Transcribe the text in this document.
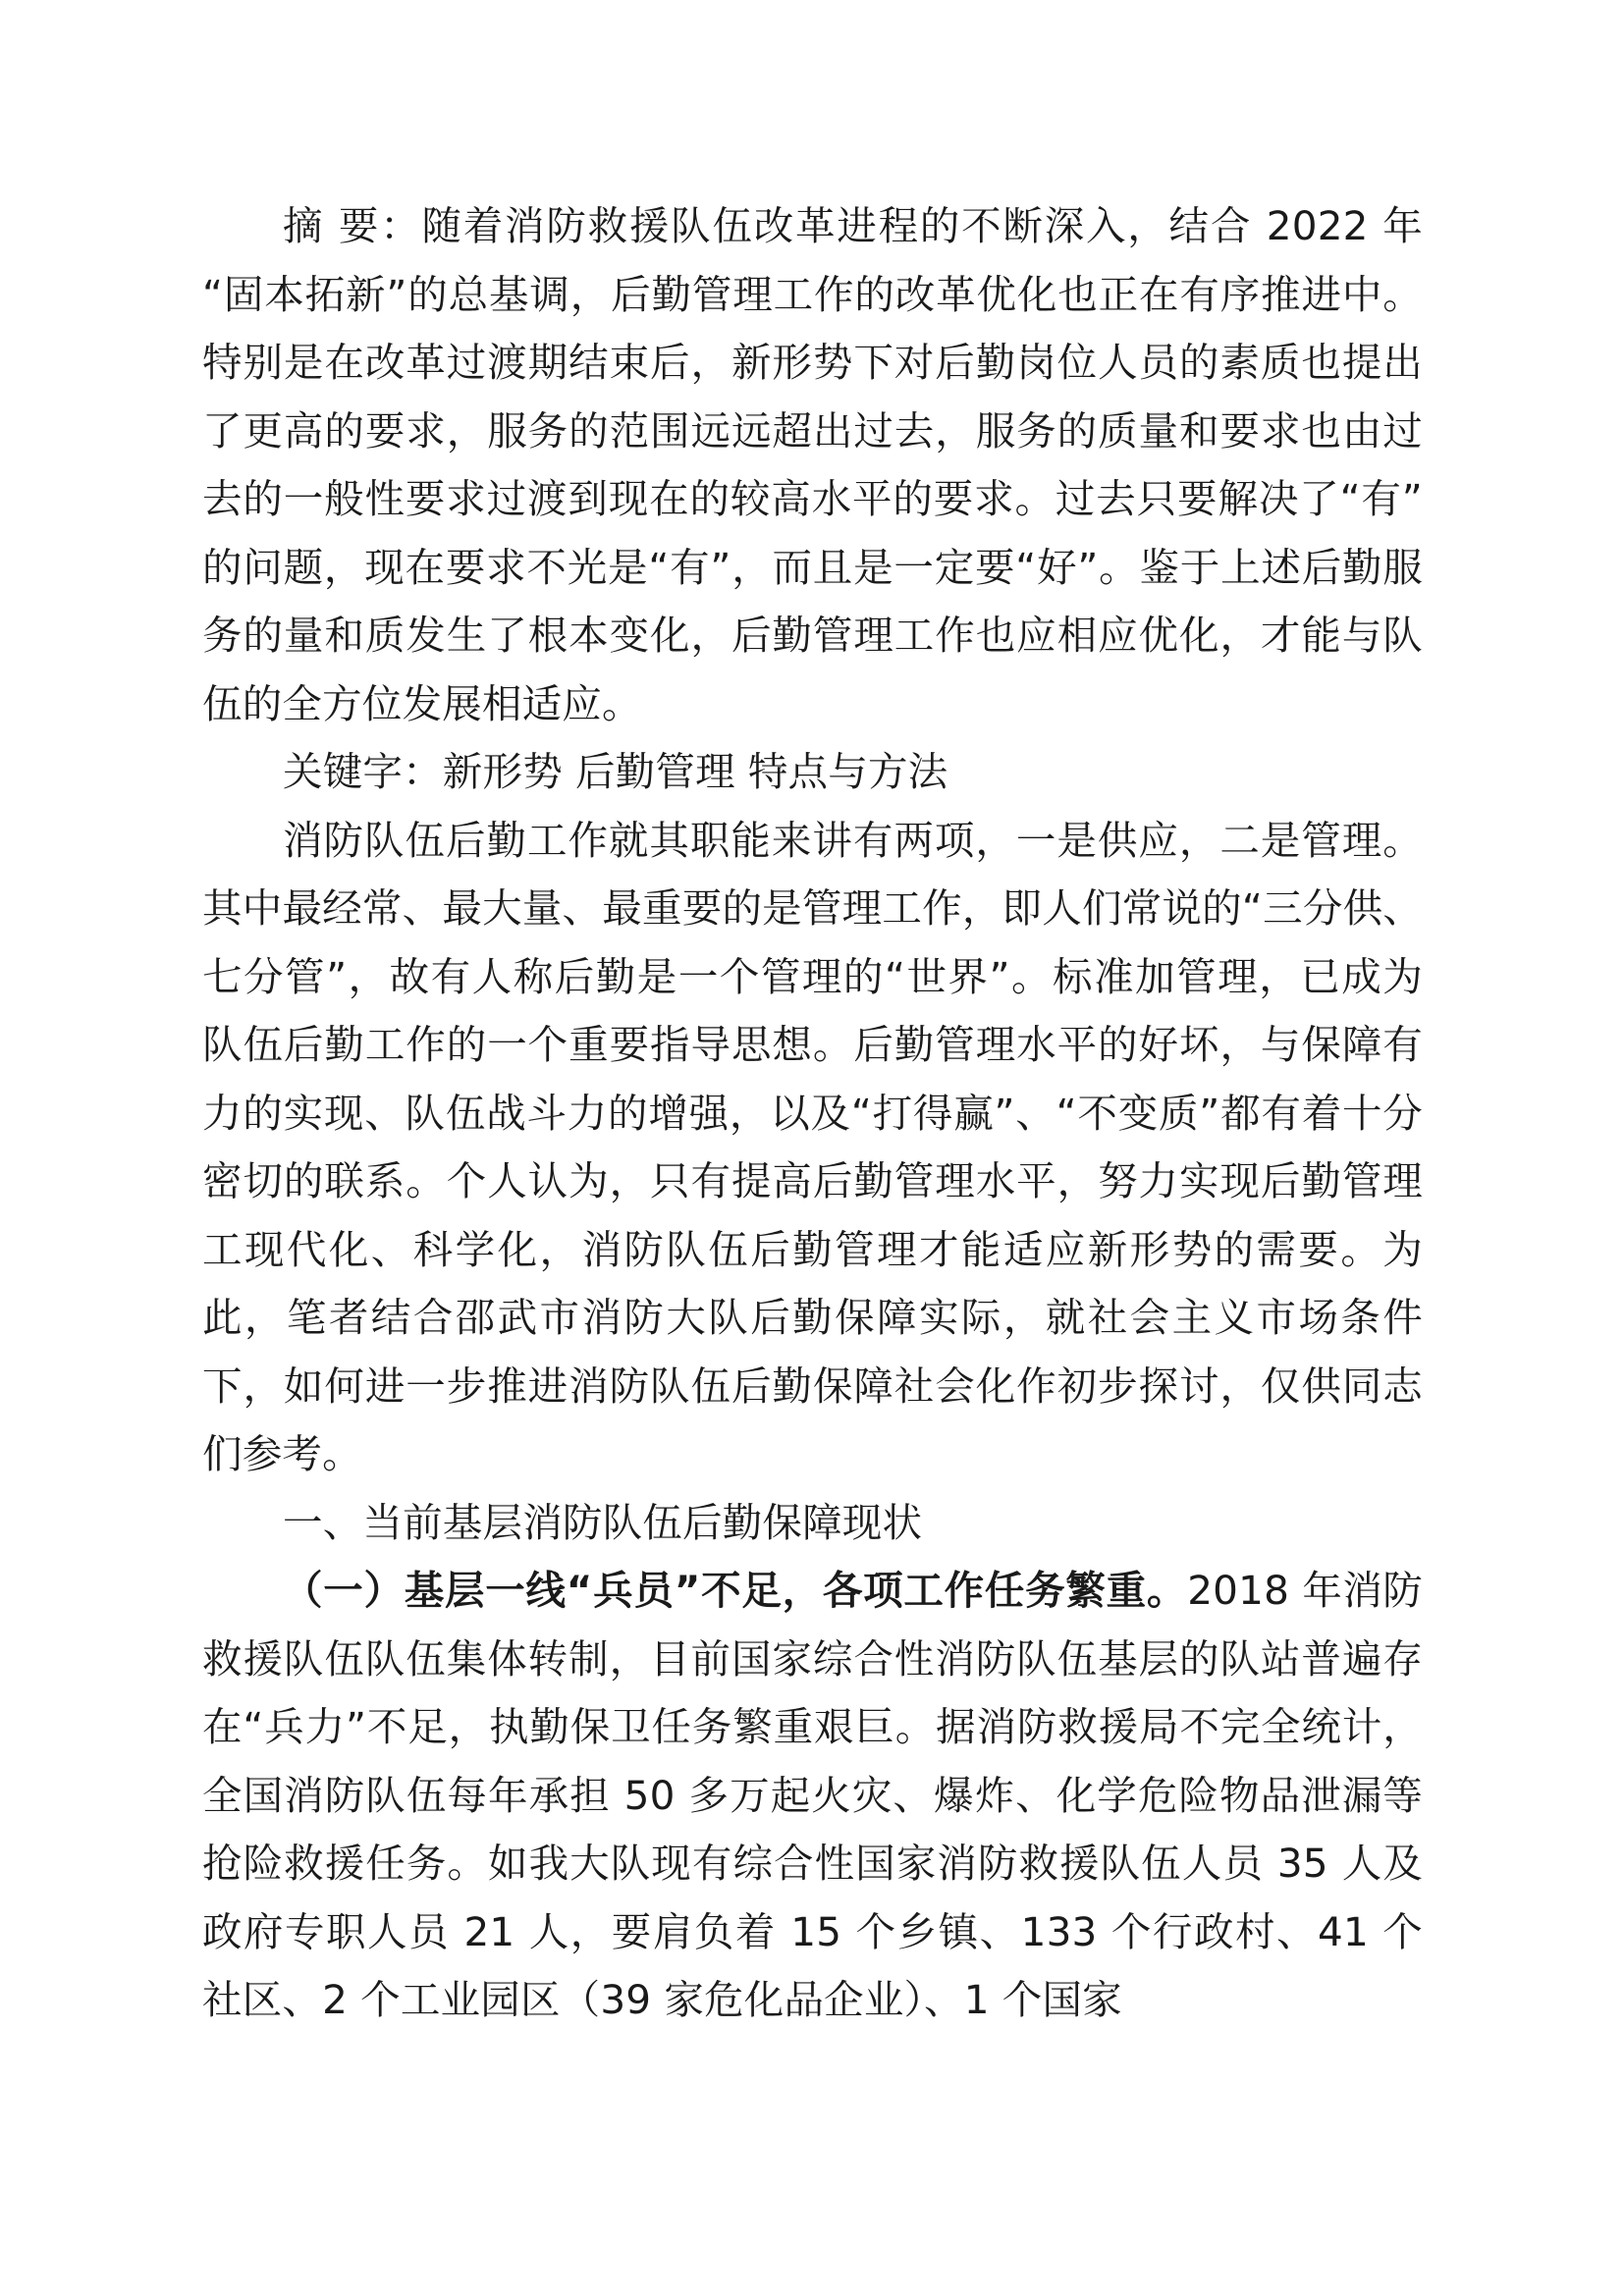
摘 要：随着消防救援队伍改革进程的不断深入，结合 2022 年“固本拓新”的总基调，后勤管理工作的改革优化也正在有序推进中。特别是在改革过渡期结束后，新形势下对后勤岗位人员的素质也提出了更高的要求，服务的范围远远超出过去，服务的质量和要求也由过去的一般性要求过渡到现在的较高水平的要求。过去只要解决了“有”的问题，现在要求不光是“有”，而且是一定要“好”。鉴于上述后勤服务的量和质发生了根本变化，后勤管理工作也应相应优化，才能与队伍的全方位发展相适应。

关键字：新形势 后勤管理 特点与方法

消防队伍后勤工作就其职能来讲有两项，一是供应，二是管理。其中最经常、最大量、最重要的是管理工作，即人们常说的“三分供、七分管”，故有人称后勤是一个管理的“世界”。标准加管理，已成为队伍后勤工作的一个重要指导思想。后勤管理水平的好坏，与保障有力的实现、队伍战斗力的增强，以及“打得赢”、“不变质”都有着十分密切的联系。个人认为，只有提高后勤管理水平，努力实现后勤管理工现代化、科学化，消防队伍后勤管理才能适应新形势的需要。为此，笔者结合邵武市消防大队后勤保障实际，就社会主义市场条件下，如何进一步推进消防队伍后勤保障社会化作初步探讨，仅供同志们参考。

一、当前基层消防队伍后勤保障现状

（一）基层一线“兵员”不足，各项工作任务繁重。2018 年消防救援队伍队伍集体转制，目前国家综合性消防队伍基层的队站普遍存在“兵力”不足，执勤保卫任务繁重艰巨。据消防救援局不完全统计，全国消防队伍每年承担 50 多万起火灾、爆炸、化学危险物品泄漏等抢险救援任务。如我大队现有综合性国家消防救援队伍人员 35 人及政府专职人员 21 人，要肩负着 15 个乡镇、133 个行政村、41 个社区、2 个工业园区（39 家危化品企业）、1 个国家
